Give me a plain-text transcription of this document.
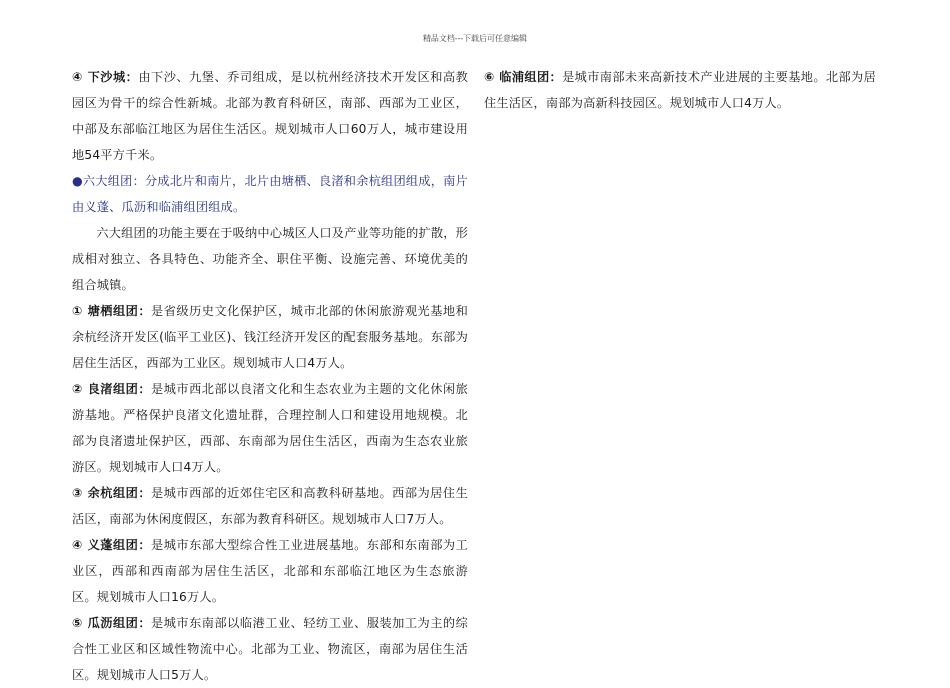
精品文档---下载后可任意编辑

④ 下沙城：由下沙、九堡、乔司组成，是以杭州经济技术开发区和高教园区为骨干的综合性新城。北部为教育科研区，南部、西部为工业区，中部及东部临江地区为居住生活区。规划城市人口60万人，城市建设用地54平方千米。

●六大组团：分成北片和南片，北片由塘栖、良渚和余杭组团组成，南片由义蓬、瓜沥和临浦组团组成。

六大组团的功能主要在于吸纳中心城区人口及产业等功能的扩散，形成相对独立、各具特色、功能齐全、职住平衡、设施完善、环境优美的组合城镇。

① 塘栖组团：是省级历史文化保护区，城市北部的休闲旅游观光基地和余杭经济开发区(临平工业区)、钱江经济开发区的配套服务基地。东部为居住生活区，西部为工业区。规划城市人口4万人。

② 良渚组团：是城市西北部以良渚文化和生态农业为主题的文化休闲旅游基地。严格保护良渚文化遗址群，合理控制人口和建设用地规模。北部为良渚遗址保护区，西部、东南部为居住生活区，西南为生态农业旅游区。规划城市人口4万人。

③ 余杭组团：是城市西部的近郊住宅区和高教科研基地。西部为居住生活区，南部为休闲度假区，东部为教育科研区。规划城市人口7万人。

④ 义蓬组团：是城市东部大型综合性工业进展基地。东部和东南部为工业区，西部和西南部为居住生活区，北部和东部临江地区为生态旅游区。规划城市人口16万人。

⑤ 瓜沥组团：是城市东南部以临港工业、轻纺工业、服装加工为主的综合性工业区和区域性物流中心。北部为工业、物流区，南部为居住生活区。规划城市人口5万人。

⑥ 临浦组团：是城市南部未来高新技术产业进展的主要基地。北部为居住生活区，南部为高新科技园区。规划城市人口4万人。
